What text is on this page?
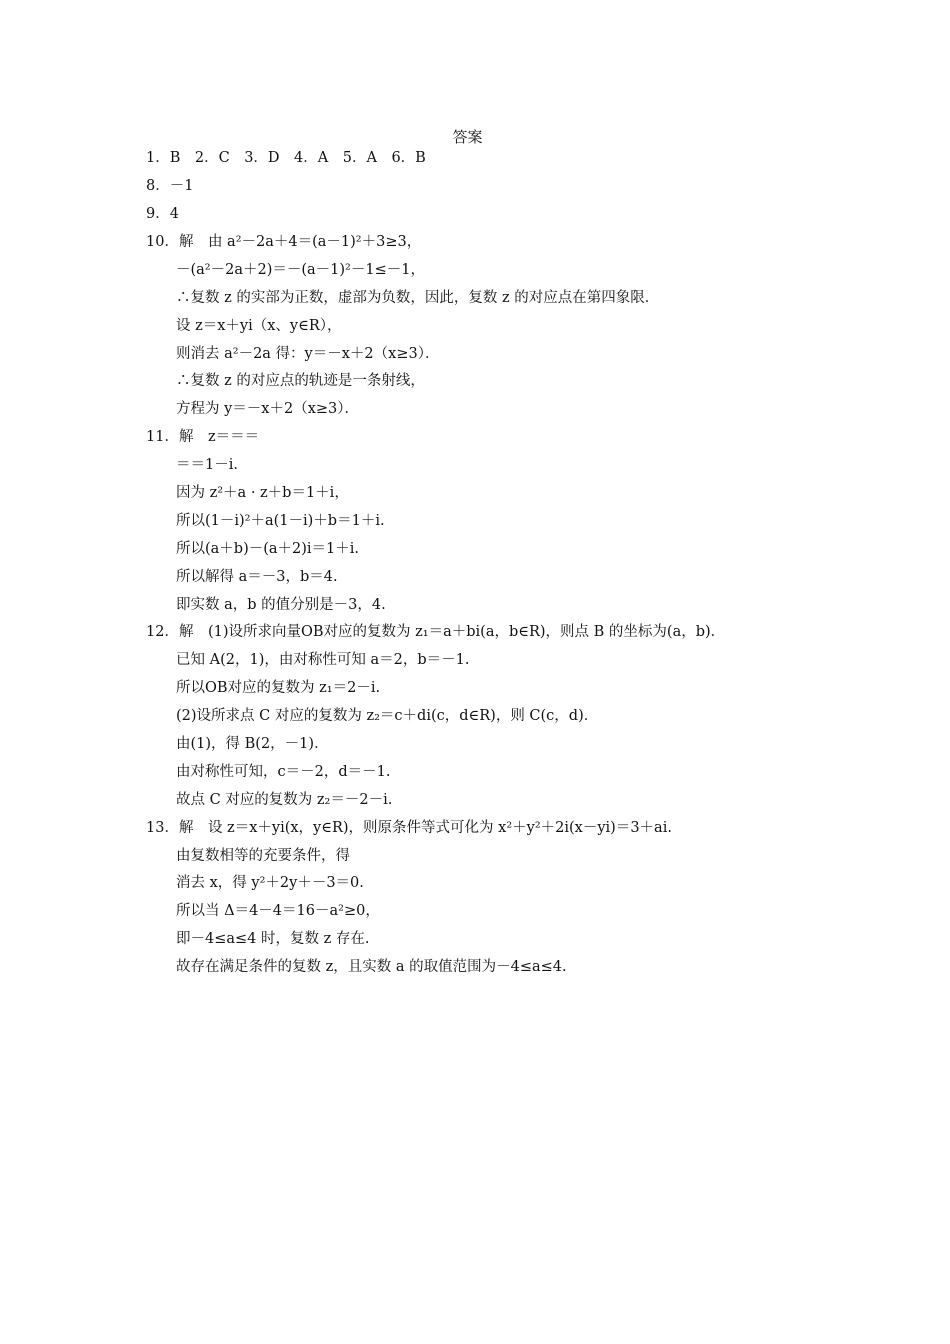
答案
1．B　2．C　3．D　4．A　5．A　6．B
8．－1
9．4
10．解　由 a²－2a＋4＝(a－1)²＋3≥3，
－(a²－2a＋2)＝－(a－1)²－1≤－1，
∴复数 z 的实部为正数，虚部为负数，因此，复数 z 的对应点在第四象限．
设 z＝x＋yi（x、y∈R），
则消去 a²－2a 得：y＝－x＋2（x≥3）．
∴复数 z 的对应点的轨迹是一条射线，
方程为 y＝－x＋2（x≥3）．
11．解　z＝＝＝
＝＝1－i.
因为 z²＋a · z＋b＝1＋i，
所以(1－i)²＋a(1－i)＋b＝1＋i.
所以(a＋b)－(a＋2)i＝1＋i.
所以解得 a＝－3，b＝4.
即实数 a，b 的值分别是－3，4.
12．解　(1)设所求向量OB对应的复数为 z₁＝a＋bi(a，b∈R)，则点 B 的坐标为(a，b)．
已知 A(2，1)，由对称性可知 a＝2，b＝－1.
所以OB对应的复数为 z₁＝2－i.
(2)设所求点 C 对应的复数为 z₂＝c＋di(c，d∈R)，则 C(c，d)．
由(1)，得 B(2，－1)．
由对称性可知，c＝－2，d＝－1.
故点 C 对应的复数为 z₂＝－2－i.
13．解　设 z＝x＋yi(x，y∈R)，则原条件等式可化为 x²＋y²＋2i(x－yi)＝3＋ai.
由复数相等的充要条件，得
消去 x，得 y²＋2y＋－3＝0.
所以当 Δ＝4－4＝16－a²≥0，
即－4≤a≤4 时，复数 z 存在.
故存在满足条件的复数 z，且实数 a 的取值范围为－4≤a≤4.
